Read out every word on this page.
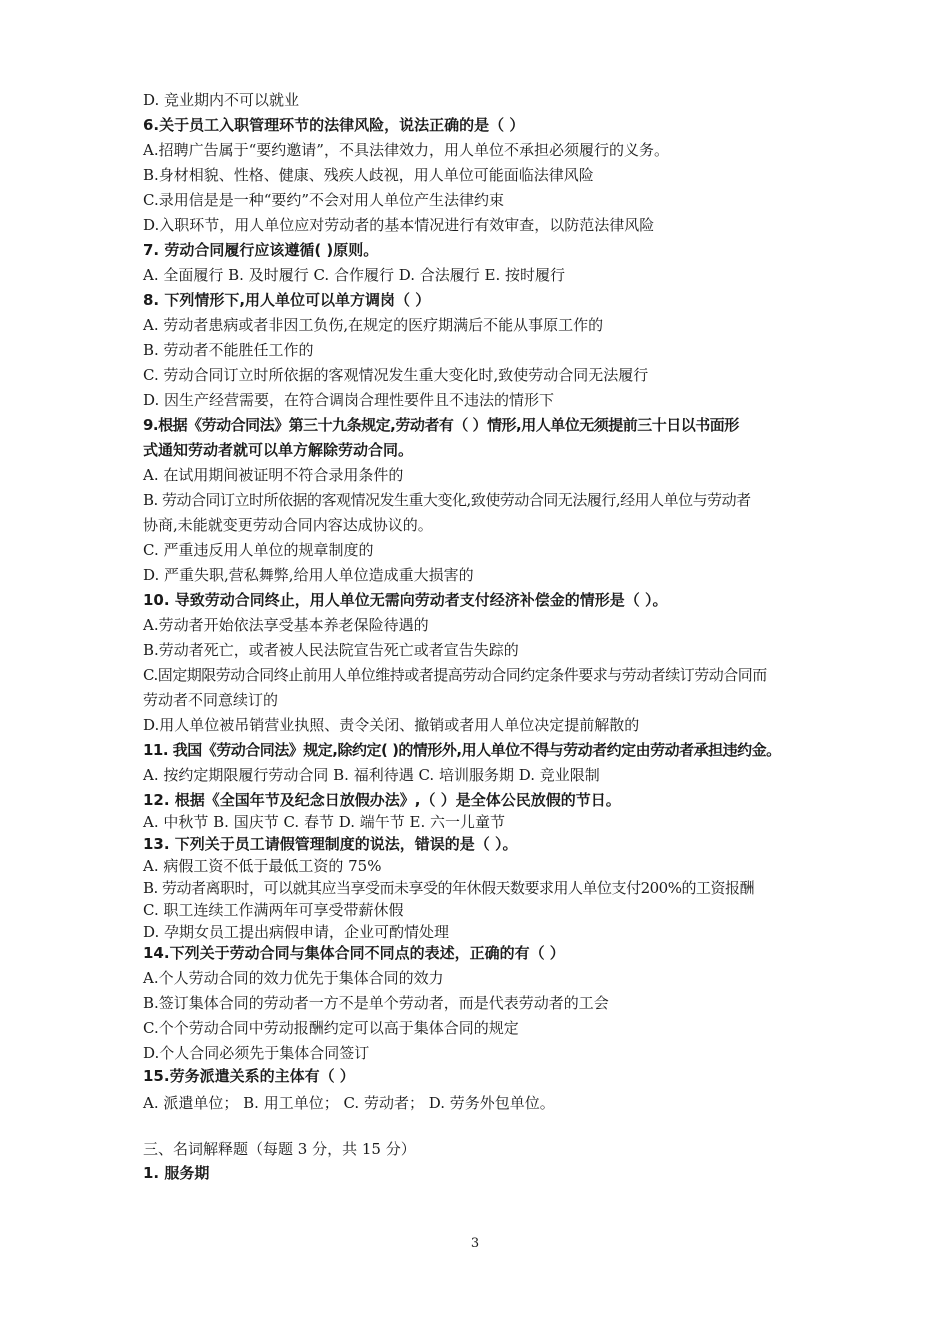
D. 竞业期内不可以就业
6.关于员工入职管理环节的法律风险，说法正确的是（ ）
A.招聘广告属于“要约邀请”，不具法律效力，用人单位不承担必须履行的义务。
B.身材相貌、性格、健康、残疾人歧视，用人单位可能面临法律风险
C.录用信是是一种“要约”不会对用人单位产生法律约束
D.入职环节，用人单位应对劳动者的基本情况进行有效审查，以防范法律风险
7. 劳动合同履行应该遵循( )原则。
A. 全面履行 B. 及时履行 C. 合作履行 D. 合法履行 E. 按时履行
8. 下列情形下,用人单位可以单方调岗（ ）
A. 劳动者患病或者非因工负伤,在规定的医疗期满后不能从事原工作的
B. 劳动者不能胜任工作的
C. 劳动合同订立时所依据的客观情况发生重大变化时,致使劳动合同无法履行
D. 因生产经营需要，在符合调岗合理性要件且不违法的情形下
9.根据《劳动合同法》第三十九条规定,劳动者有（ ）情形,用人单位无须提前三十日以书面形
式通知劳动者就可以单方解除劳动合同。
A. 在试用期间被证明不符合录用条件的
B. 劳动合同订立时所依据的客观情况发生重大变化,致使劳动合同无法履行,经用人单位与劳动者
协商,未能就变更劳动合同内容达成协议的。
C. 严重违反用人单位的规章制度的
D. 严重失职,营私舞弊,给用人单位造成重大损害的
10. 导致劳动合同终止，用人单位无需向劳动者支付经济补偿金的情形是（ ）。
A.劳动者开始依法享受基本养老保险待遇的
B.劳动者死亡，或者被人民法院宣告死亡或者宣告失踪的
C.固定期限劳动合同终止前用人单位维持或者提高劳动合同约定条件要求与劳动者续订劳动合同而
劳动者不同意续订的
D.用人单位被吊销营业执照、责令关闭、撤销或者用人单位决定提前解散的
11. 我国《劳动合同法》规定,除约定( )的情形外,用人单位不得与劳动者约定由劳动者承担违约金。
A. 按约定期限履行劳动合同 B. 福利待遇 C. 培训服务期 D. 竞业限制
12. 根据《全国年节及纪念日放假办法》,（ ）是全体公民放假的节日。
A. 中秋节 B. 国庆节 C. 春节 D. 端午节 E. 六一儿童节
13. 下列关于员工请假管理制度的说法，错误的是（ ）。
A. 病假工资不低于最低工资的 75%
B. 劳动者离职时，可以就其应当享受而未享受的年休假天数要求用人单位支付200%的工资报酬
C. 职工连续工作满两年可享受带薪休假
D. 孕期女员工提出病假申请，企业可酌情处理
14.下列关于劳动合同与集体合同不同点的表述，正确的有（ ）
A.个人劳动合同的效力优先于集体合同的效力
B.签订集体合同的劳动者一方不是单个劳动者，而是代表劳动者的工会
C.个个劳动合同中劳动报酬约定可以高于集体合同的规定
D.个人合同必须先于集体合同签订
15.劳务派遣关系的主体有（ ）
A. 派遣单位； B. 用工单位； C. 劳动者； D. 劳务外包单位。
三、名词解释题（每题 3 分，共 15 分）
1. 服务期
3
